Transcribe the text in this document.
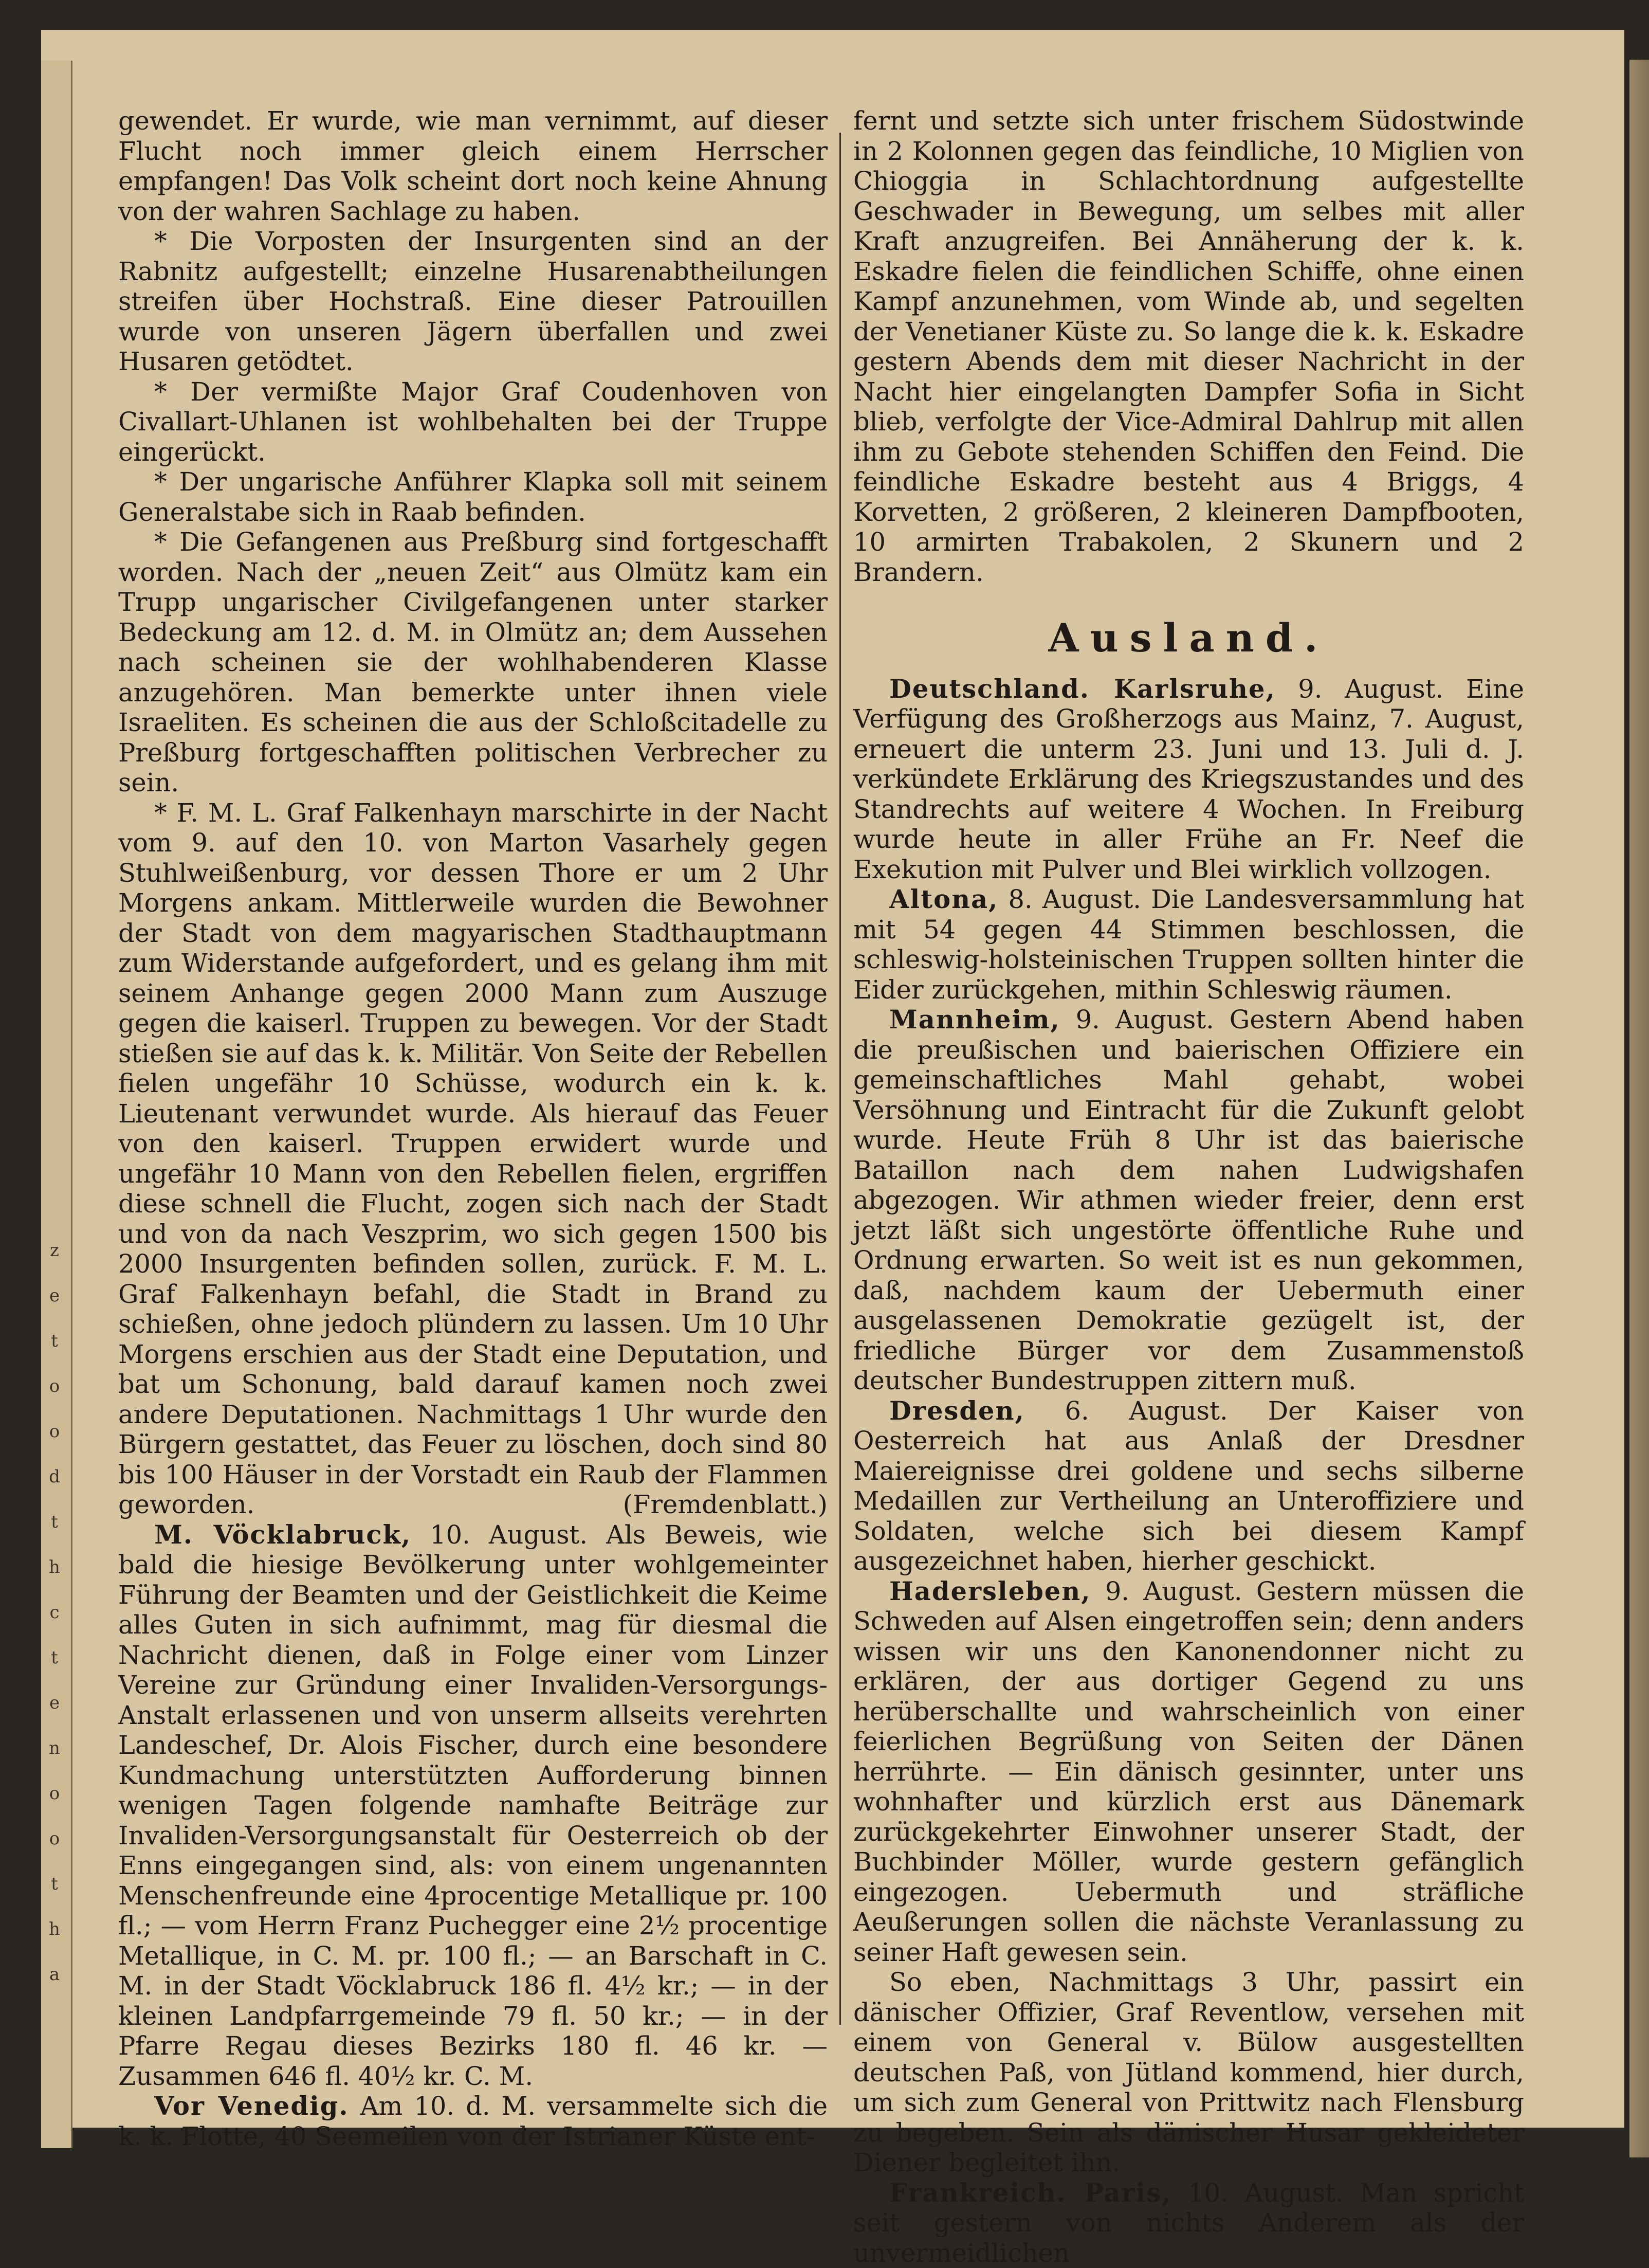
z
e
t
o
o
d
t
h
c
t
e
n
o
o
t
h
a

gewendet. Er wurde, wie man vernimmt, auf dieser Flucht noch immer gleich einem Herrscher empfangen! Das Volk scheint dort noch keine Ahnung von der wahren Sachlage zu haben.

* Die Vorposten der Insurgenten sind an der Rabnitz aufgestellt; einzelne Husarenabtheilungen streifen über Hochstraß. Eine dieser Patrouillen wurde von unseren Jägern überfallen und zwei Husaren getödtet.

* Der vermißte Major Graf Coudenhoven von Civallart-Uhlanen ist wohlbehalten bei der Truppe eingerückt.

* Der ungarische Anführer Klapka soll mit seinem Generalstabe sich in Raab befinden.

* Die Gefangenen aus Preßburg sind fortgeschafft worden. Nach der „neuen Zeit“ aus Olmütz kam ein Trupp ungarischer Civilgefangenen unter starker Bedeckung am 12. d. M. in Olmütz an; dem Aussehen nach scheinen sie der wohlhabenderen Klasse anzugehören. Man bemerkte unter ihnen viele Israeliten. Es scheinen die aus der Schloßcitadelle zu Preßburg fortgeschafften politischen Verbrecher zu sein.

* F. M. L. Graf Falkenhayn marschirte in der Nacht vom 9. auf den 10. von Marton Vasarhely gegen Stuhlweißenburg, vor dessen Thore er um 2 Uhr Morgens ankam. Mittlerweile wurden die Bewohner der Stadt von dem magyarischen Stadthauptmann zum Widerstande aufgefordert, und es gelang ihm mit seinem Anhange gegen 2000 Mann zum Auszuge gegen die kaiserl. Truppen zu bewegen. Vor der Stadt stießen sie auf das k. k. Militär. Von Seite der Rebellen fielen ungefähr 10 Schüsse, wodurch ein k. k. Lieutenant verwundet wurde. Als hierauf das Feuer von den kaiserl. Truppen erwidert wurde und ungefähr 10 Mann von den Rebellen fielen, ergriffen diese schnell die Flucht, zogen sich nach der Stadt und von da nach Veszprim, wo sich gegen 1500 bis 2000 Insurgenten befinden sollen, zurück. F. M. L. Graf Falkenhayn befahl, die Stadt in Brand zu schießen, ohne jedoch plündern zu lassen. Um 10 Uhr Morgens erschien aus der Stadt eine Deputation, und bat um Schonung, bald darauf kamen noch zwei andere Deputationen. Nachmittags 1 Uhr wurde den Bürgern gestattet, das Feuer zu löschen, doch sind 80 bis 100 Häuser in der Vorstadt ein Raub der Flammen geworden.	(Fremdenblatt.)

M. Vöcklabruck, 10. August. Als Beweis, wie bald die hiesige Bevölkerung unter wohlgemeinter Führung der Beamten und der Geistlichkeit die Keime alles Guten in sich aufnimmt, mag für diesmal die Nachricht dienen, daß in Folge einer vom Linzer Vereine zur Gründung einer Invaliden-Versorgungs-Anstalt erlassenen und von unserm allseits verehrten Landeschef, Dr. Alois Fischer, durch eine besondere Kundmachung unterstützten Aufforderung binnen wenigen Tagen folgende namhafte Beiträge zur Invaliden-Versorgungsanstalt für Oesterreich ob der Enns eingegangen sind, als: von einem ungenannten Menschenfreunde eine 4procentige Metallique pr. 100 fl.; — vom Herrn Franz Puchegger eine 2½ procentige Metallique, in C. M. pr. 100 fl.; — an Barschaft in C. M. in der Stadt Vöcklabruck 186 fl. 4½ kr.; — in der kleinen Landpfarrgemeinde 79 fl. 50 kr.; — in der Pfarre Regau dieses Bezirks 180 fl. 46 kr. — Zusammen 646 fl. 40½ kr. C. M.

Vor Venedig. Am 10. d. M. versammelte sich die k. k. Flotte, 40 Seemeilen von der Istrianer Küste ent-

fernt und setzte sich unter frischem Südostwinde in 2 Kolonnen gegen das feindliche, 10 Miglien von Chioggia in Schlachtordnung aufgestellte Geschwader in Bewegung, um selbes mit aller Kraft anzugreifen. Bei Annäherung der k. k. Eskadre fielen die feindlichen Schiffe, ohne einen Kampf anzunehmen, vom Winde ab, und segelten der Venetianer Küste zu. So lange die k. k. Eskadre gestern Abends dem mit dieser Nachricht in der Nacht hier eingelangten Dampfer Sofia in Sicht blieb, verfolgte der Vice-Admiral Dahlrup mit allen ihm zu Gebote stehenden Schiffen den Feind. Die feindliche Eskadre besteht aus 4 Briggs, 4 Korvetten, 2 größeren, 2 kleineren Dampfbooten, 10 armirten Trabakolen, 2 Skunern und 2 Brandern.

Ausland.

Deutschland. Karlsruhe, 9. August. Eine Verfügung des Großherzogs aus Mainz, 7. August, erneuert die unterm 23. Juni und 13. Juli d. J. verkündete Erklärung des Kriegszustandes und des Standrechts auf weitere 4 Wochen. In Freiburg wurde heute in aller Frühe an Fr. Neef die Exekution mit Pulver und Blei wirklich vollzogen.

Altona, 8. August. Die Landesversammlung hat mit 54 gegen 44 Stimmen beschlossen, die schleswig-holsteinischen Truppen sollten hinter die Eider zurückgehen, mithin Schleswig räumen.

Mannheim, 9. August. Gestern Abend haben die preußischen und baierischen Offiziere ein gemeinschaftliches Mahl gehabt, wobei Versöhnung und Eintracht für die Zukunft gelobt wurde. Heute Früh 8 Uhr ist das baierische Bataillon nach dem nahen Ludwigshafen abgezogen. Wir athmen wieder freier, denn erst jetzt läßt sich ungestörte öffentliche Ruhe und Ordnung erwarten. So weit ist es nun gekommen, daß, nachdem kaum der Uebermuth einer ausgelassenen Demokratie gezügelt ist, der friedliche Bürger vor dem Zusammenstoß deutscher Bundestruppen zittern muß.

Dresden, 6. August. Der Kaiser von Oesterreich hat aus Anlaß der Dresdner Maiereignisse drei goldene und sechs silberne Medaillen zur Vertheilung an Unteroffiziere und Soldaten, welche sich bei diesem Kampf ausgezeichnet haben, hierher geschickt.

Hadersleben, 9. August. Gestern müssen die Schweden auf Alsen eingetroffen sein; denn anders wissen wir uns den Kanonendonner nicht zu erklären, der aus dortiger Gegend zu uns herüberschallte und wahrscheinlich von einer feierlichen Begrüßung von Seiten der Dänen herrührte. — Ein dänisch gesinnter, unter uns wohnhafter und kürzlich erst aus Dänemark zurückgekehrter Einwohner unserer Stadt, der Buchbinder Möller, wurde gestern gefänglich eingezogen. Uebermuth und sträfliche Aeußerungen sollen die nächste Veranlassung zu seiner Haft gewesen sein.

So eben, Nachmittags 3 Uhr, passirt ein dänischer Offizier, Graf Reventlow, versehen mit einem von General v. Bülow ausgestellten deutschen Paß, von Jütland kommend, hier durch, um sich zum General von Prittwitz nach Flensburg zu begeben. Sein als dänischer Husar gekleideter Diener begleitet ihn.

Frankreich. Paris, 10. August. Man spricht seit gestern von nichts Anderem als der unvermeidlichen
